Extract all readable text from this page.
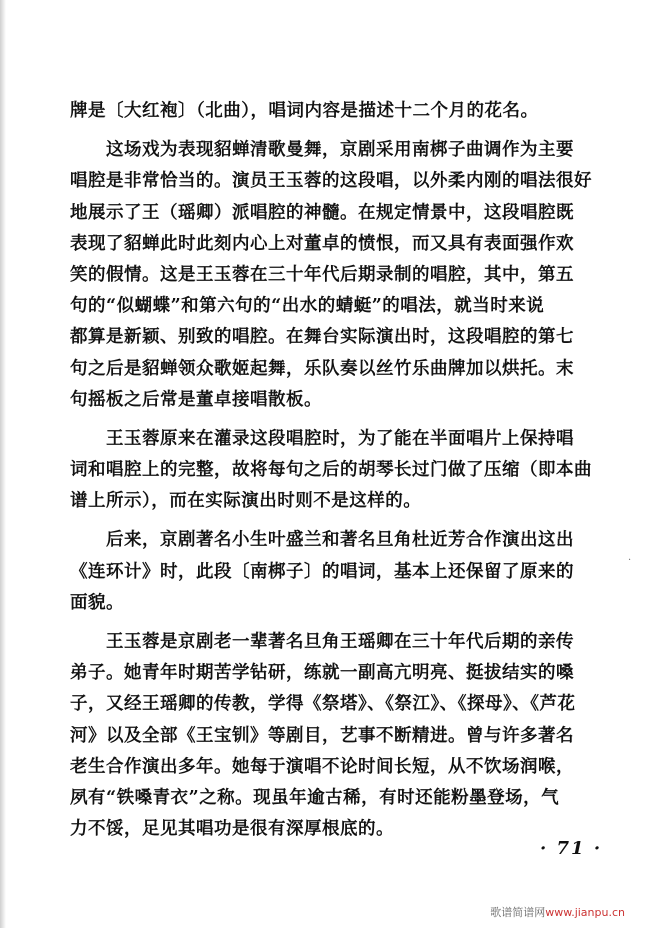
牌是〔大红袍〕（北曲），唱词内容是描述十二个月的花名。
这场戏为表现貂蝉清歌曼舞，京剧采用南梆子曲调作为主要
唱腔是非常恰当的。演员王玉蓉的这段唱，以外柔内刚的唱法很好
地展示了王（瑶卿）派唱腔的神髓。在规定情景中，这段唱腔既
表现了貂蝉此时此刻内心上对董卓的愤恨，而又具有表面强作欢
笑的假情。这是王玉蓉在三十年代后期录制的唱腔，其中，第五
句的“似蝴蝶”和第六句的“出水的蜻蜓”的唱法，就当时来说
都算是新颖、别致的唱腔。在舞台实际演出时，这段唱腔的第七
句之后是貂蝉领众歌姬起舞，乐队奏以丝竹乐曲牌加以烘托。末
句摇板之后常是董卓接唱散板。
王玉蓉原来在灌录这段唱腔时，为了能在半面唱片上保持唱
词和唱腔上的完整，故将每句之后的胡琴长过门做了压缩（即本曲
谱上所示），而在实际演出时则不是这样的。
后来，京剧著名小生叶盛兰和著名旦角杜近芳合作演出这出
《连环计》时，此段〔南梆子〕的唱词，基本上还保留了原来的
面貌。
王玉蓉是京剧老一辈著名旦角王瑶卿在三十年代后期的亲传
弟子。她青年时期苦学钻研，练就一副高亢明亮、挺拔结实的嗓
子，又经王瑶卿的传教，学得《祭塔》、《祭江》、《探母》、《芦花
河》以及全部《王宝钏》等剧目，艺事不断精进。曾与许多著名
老生合作演出多年。她每于演唱不论时间长短，从不饮场润喉，
夙有“铁嗓青衣”之称。现虽年逾古稀，有时还能粉墨登场，气
力不馁，足见其唱功是很有深厚根底的。
·
· 71 ·
歌谱简谱网www.jianpu.cn
